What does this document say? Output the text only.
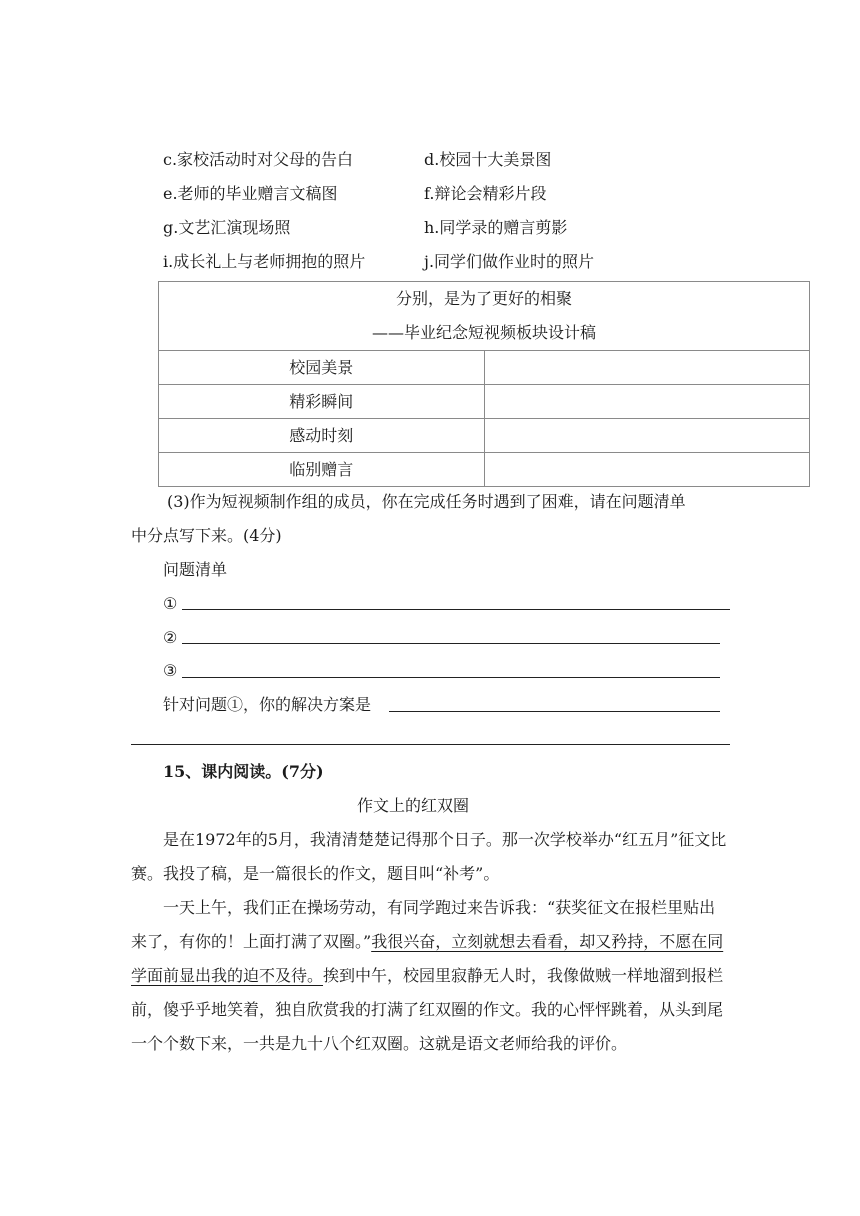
c.家校活动时对父母的告白	d.校园十大美景图
e.老师的毕业赠言文稿图	f.辩论会精彩片段
g.文艺汇演现场照	h.同学录的赠言剪影
i.成长礼上与老师拥抱的照片	j.同学们做作业时的照片
分别，是为了更好的相聚
——毕业纪念短视频板块设计稿	

校园美景	
精彩瞬间	
感动时刻	
临别赠言	
(3)作为短视频制作组的成员，你在完成任务时遇到了困难，请在问题清单
中分点写下来。(4分)
问题清单
①
②
③
针对问题①，你的解决方案是
15、课内阅读。(7分)
作文上的红双圈
是在1972年的5月，我清清楚楚记得那个日子。那一次学校举办“红五月”征文比赛。我投了稿，是一篇很长的作文，题目叫“补考”。
一天上午，我们正在操场劳动，有同学跑过来告诉我：“获奖征文在报栏里贴出来了，有你的！上面打满了双圈。”我很兴奋，立刻就想去看看，却又矜持，不愿在同学面前显出我的迫不及待。挨到中午，校园里寂静无人时，我像做贼一样地溜到报栏前，傻乎乎地笑着，独自欣赏我的打满了红双圈的作文。我的心怦怦跳着，从头到尾一个个数下来，一共是九十八个红双圈。这就是语文老师给我的评价。
